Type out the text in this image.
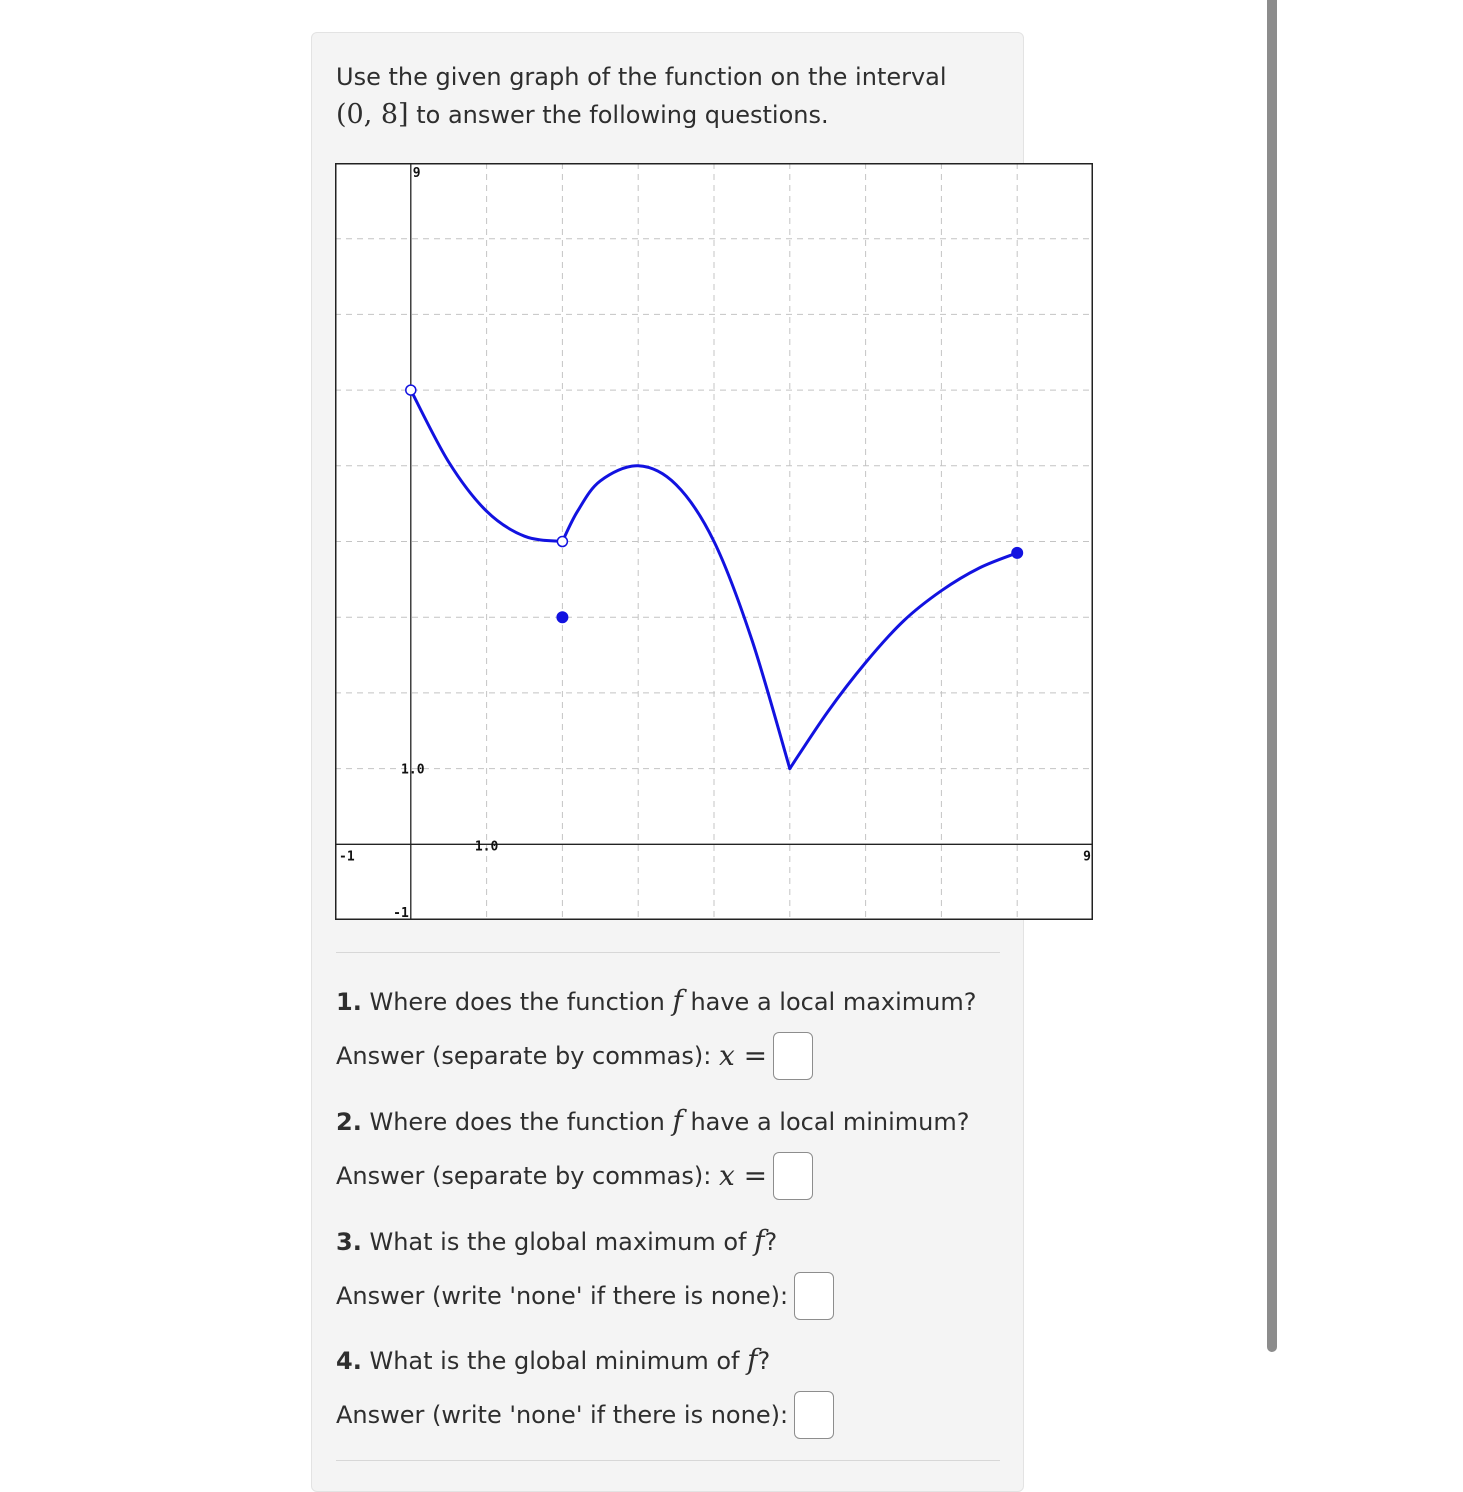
Use the given graph of the function on the interval
(0, 8] to answer the following questions.
-1	9
9
-1
1.0
1.0
1. Where does the function f have a local maximum?
Answer (separate by commas):
x =
2. Where does the function f have a local minimum?
Answer (separate by commas):
x =
3. What is the global maximum of f?
Answer (write 'none' if there is none):
4. What is the global minimum of f?
Answer (write 'none' if there is none):
